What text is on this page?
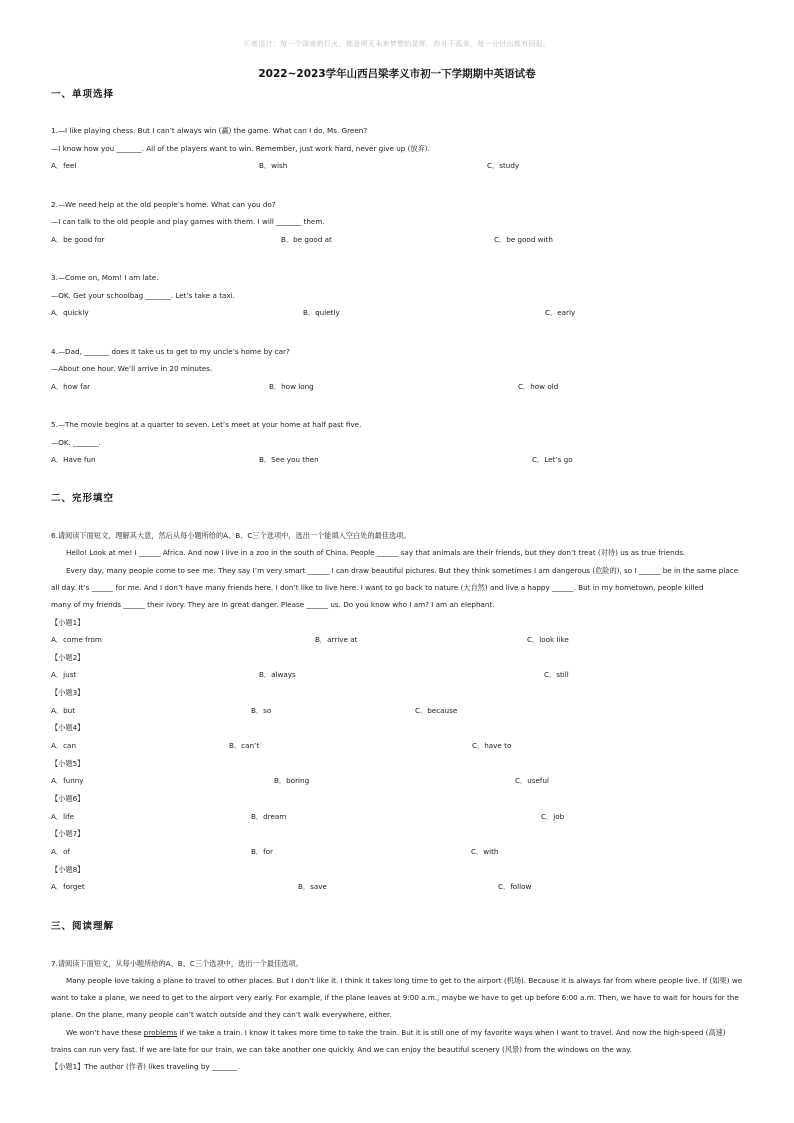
ⓒ寄语计：每一个深夜的灯火，都是明天未来梦想的星辉。你并不孤单，每一分付出都有回报。
2022~2023学年山西吕梁孝义市初一下学期期中英语试卷
一、单项选择
1.—I like playing chess. But I can’t always win (赢) the game. What can I do, Ms. Green?
—I know how you _______. All of the players want to win. Remember, just work hard, never give up (放弃).
A．feel	B．wish	C．study
2.—We need help at the old people’s home. What can you do?
—I can talk to the old people and play games with them. I will _______ them.
A．be good for	B．be good at	C．be good with
3.—Come on, Mom! I am late.
—OK. Get your schoolbag _______. Let’s take a taxi.
A．quickly	B．quietly	C．early
4.—Dad, _______ does it take us to get to my uncle’s home by car?
—About one hour. We’ll arrive in 20 minutes.
A．how far	B．how long	C．how old
5.—The movie begins at a quarter to seven. Let’s meet at your home at half past five.
—OK. _______.
A．Have fun	B．See you then	C．Let’s go
二、完形填空
6.请阅读下面短文，理解其大意，然后从每小题所给的A、B、C三个选项中，选出一个能填入空白处的最佳选项。
Hello! Look at me! I ______ Africa. And now I live in a zoo in the south of China. People ______ say that animals are their friends, but they don’t treat (对待) us as true friends.
Every day, many people come to see me. They say I’m very smart ______ I can draw beautiful pictures. But they think sometimes I am dangerous (危险的), so I ______ be in the same place
all day. It’s ______ for me. And I don’t have many friends here. I don’t like to live here. I want to go back to nature (大自然) and live a happy ______. But in my hometown, people killed
many of my friends ______ their ivory. They are in great danger. Please ______ us. Do you know who I am? I am an elephant.
【小题1】
A．come from	B．arrive at	C．look like
【小题2】
A．just	B．always	C．still
【小题3】
A．but	B．so	C．because
【小题4】
A．can	B．can’t	C．have to
【小题5】
A．funny	B．boring	C．useful
【小题6】
A．life	B．dream	C．job
【小题7】
A．of	B．for	C．with
【小题8】
A．forget	B．save	C．follow
三、阅读理解
7.请阅读下面短文，从每小题所给的A、B、C三个选项中，选出一个最佳选项。
Many people love taking a plane to travel to other places. But I don’t like it. I think it takes long time to get to the airport (机场). Because it is always far from where people live. If (如果) we
want to take a plane, we need to get to the airport very early. For example, if the plane leaves at 9:00 a.m., maybe we have to get up before 6:00 a.m. Then, we have to wait for hours for the
plane. On the plane, many people can’t watch outside and they can’t walk everywhere, either.
We won’t have these problems if we take a train. I know it takes more time to take the train. But it is still one of my favorite ways when I want to travel. And now the high-speed (高速)
trains can run very fast. If we are late for our train, we can take another one quickly. And we can enjoy the beautiful scenery (风景) from the windows on the way.
【小题1】The author (作者) likes traveling by _______.
